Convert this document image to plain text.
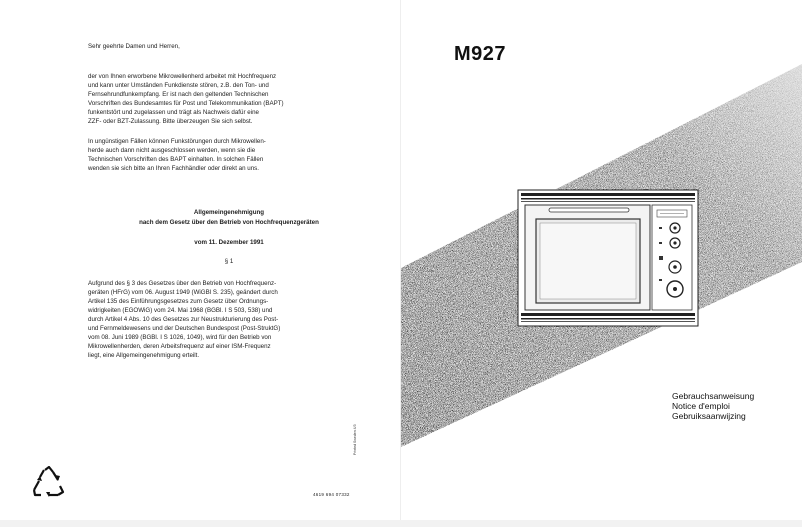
Sehr geehrte Damen und Herren,
der von Ihnen erworbene Mikrowellenherd arbeitet mit Hochfrequenz
und kann unter Umständen Funkdienste stören, z.B. den Ton- und
Fernsehrundfunkempfang. Er ist nach den geltenden Technischen
Vorschriften des Bundesamtes für Post und Telekommunikation (BAPT)
funkentstört und zugelassen und trägt als Nachweis dafür eine
ZZF- oder BZT-Zulassung. Bitte überzeugen Sie sich selbst.
In ungünstigen Fällen können Funkstörungen durch Mikrowellen-
herde auch dann nicht ausgeschlossen werden, wenn sie die
Technischen Vorschriften des BAPT einhalten. In solchen Fällen
wenden sie sich bitte an Ihren Fachhändler oder direkt an uns.
Allgemeingenehmigung
nach dem Gesetz über den Betrieb von Hochfrequenzgeräten
vom 11. Dezember 1991
§ 1
Aufgrund des § 3 des Gesetzes über den Betrieb von Hochfrequenz-
geräten (HFrG) vom 06. August 1949 (WiGBl S. 235), geändert durch
Artikel 135 des Einführungsgesetzes zum Gesetz über Ordnungs-
widrigkeiten (EGOWiG) vom 24. Mai 1968 (BGBl. I S 503, 538) und
durch Artikel 4 Abs. 10 des Gesetzes zur Neustrukturierung des Post-
und Fernmeldewesens und der Deutschen Bundespost (Post-StruktG)
vom 08. Juni 1989 (BGBl. I S 1026, 1049), wird für den Betrieb von
Mikrowellenherden, deren Arbeitsfrequenz auf einer ISM-Frequenz
liegt, eine Allgemeingenehmigung erteilt.
4619 694 07332
Printed Sweden 4/3
M927
Gebrauchsanweisung
Notice d'emploi
Gebruiksaanwijzing
